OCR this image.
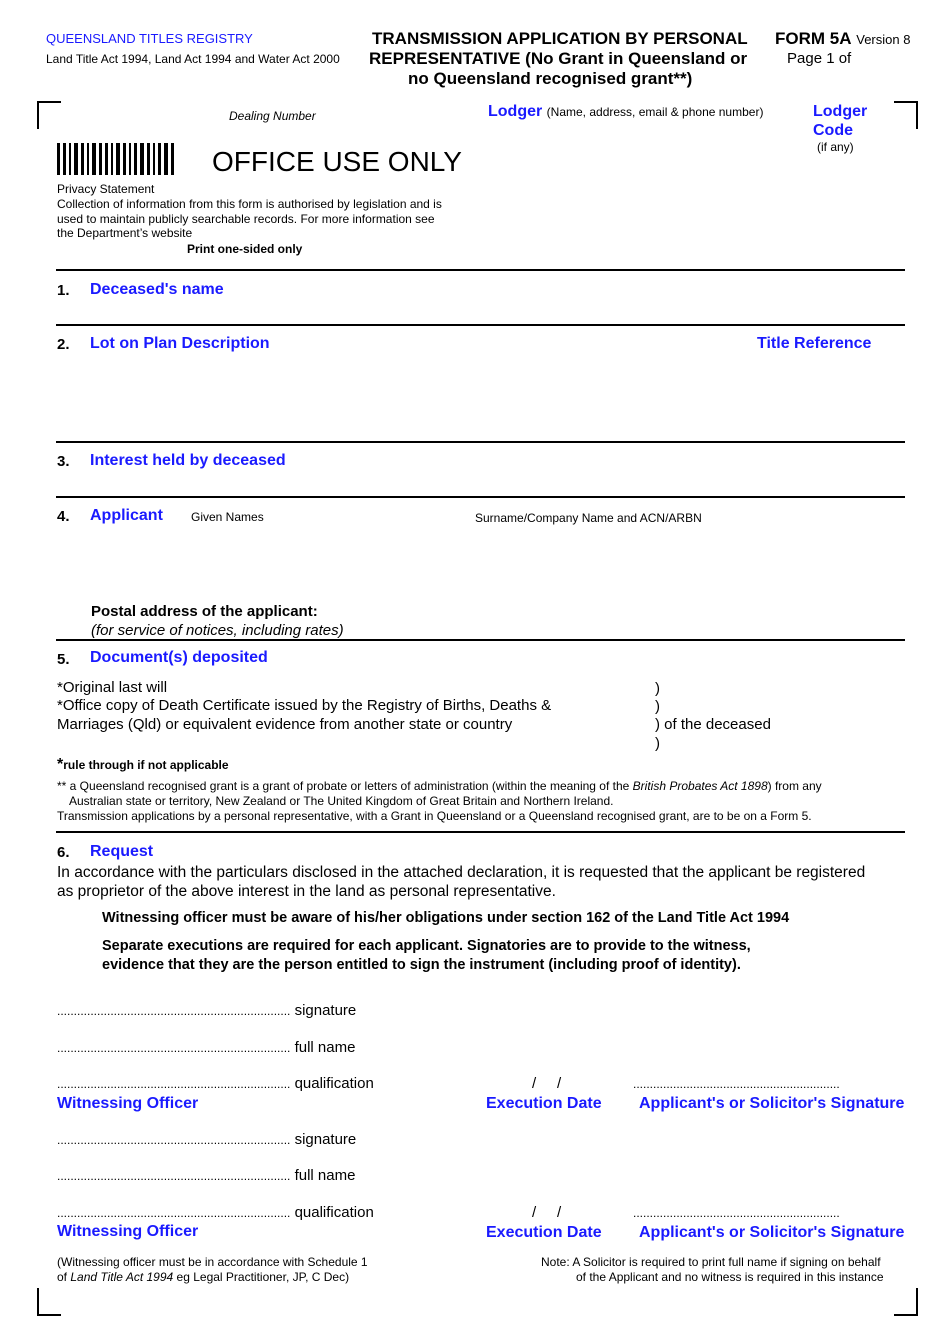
QUEENSLAND TITLES REGISTRY
Land Title Act 1994, Land Act 1994 and Water Act 2000
TRANSMISSION APPLICATION BY PERSONAL
REPRESENTATIVE (No Grant in Queensland or
no Queensland recognised grant**)
FORM 5A Version 8
Page 1 of
Dealing Number	Lodger (Name, address, email & phone number)	Lodger
Code
(if any)
OFFICE USE ONLY
Privacy Statement
Collection of information from this form is authorised by legislation and is
used to maintain publicly searchable records. For more information see
the Department’s website
Print one-sided only
1. Deceased's name
2. Lot on Plan Description	Title Reference
3. Interest held by deceased
4. Applicant Given Names	Surname/Company Name and ACN/ARBN
Postal address of the applicant:
(for service of notices, including rates)
5. Document(s) deposited
*Original last will
*Office copy of Death Certificate issued by the Registry of Births, Deaths &
Marriages (Qld) or equivalent evidence from another state or country
)
)
) of the deceased
)
*rule through if not applicable
** a Queensland recognised grant is a grant of probate or letters of administration (within the meaning of the British Probates Act 1898) from any
Australian state or territory, New Zealand or The United Kingdom of Great Britain and Northern Ireland.
Transmission applications by a personal representative, with a Grant in Queensland or a Queensland recognised grant, are to be on a Form 5.
6. Request
In accordance with the particulars disclosed in the attached declaration, it is requested that the applicant be registered
as proprietor of the above interest in the land as personal representative.
Witnessing officer must be aware of his/her obligations under section 162 of the Land Title Act 1994
Separate executions are required for each applicant. Signatories are to provide to the witness,
evidence that they are the person entitled to sign the instrument (including proof of identity).
...................................................................... signature
...................................................................... full name
...................................................................... qualification	/     /	..............................................................
Witnessing Officer	Execution Date Applicant's or Solicitor's Signature
...................................................................... signature
...................................................................... full name
...................................................................... qualification	/     /	..............................................................
Witnessing Officer	Execution Date Applicant's or Solicitor's Signature
(Witnessing officer must be in accordance with Schedule 1
of Land Title Act 1994 eg Legal Practitioner, JP, C Dec)
Note: A Solicitor is required to print full name if signing on behalf
of the Applicant and no witness is required in this instance
